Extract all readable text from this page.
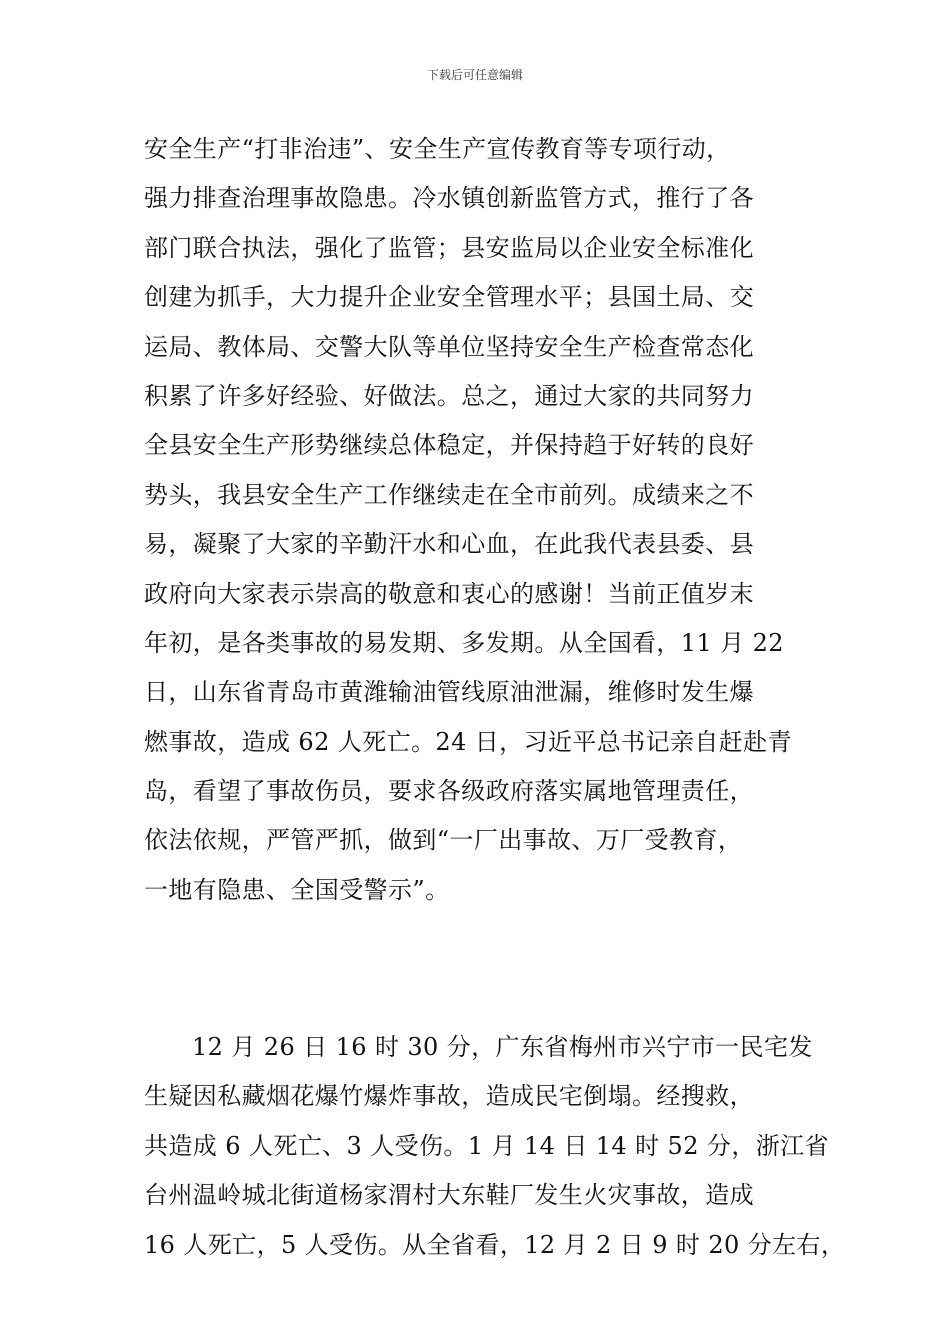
下载后可任意编辑
安全生产“打非治违”、安全生产宣传教育等专项行动，
强力排查治理事故隐患。冷水镇创新监管方式，推行了各
部门联合执法，强化了监管；县安监局以企业安全标准化
创建为抓手，大力提升企业安全管理水平；县国土局、交
运局、教体局、交警大队等单位坚持安全生产检查常态化
积累了许多好经验、好做法。总之，通过大家的共同努力
全县安全生产形势继续总体稳定，并保持趋于好转的良好
势头，我县安全生产工作继续走在全市前列。成绩来之不
易，凝聚了大家的辛勤汗水和心血，在此我代表县委、县
政府向大家表示崇高的敬意和衷心的感谢！当前正值岁末
年初，是各类事故的易发期、多发期。从全国看，11 月 22
日，山东省青岛市黄潍输油管线原油泄漏，维修时发生爆
燃事故，造成 62 人死亡。24 日，习近平总书记亲自赶赴青
岛，看望了事故伤员，要求各级政府落实属地管理责任，
依法依规，严管严抓，做到“一厂出事故、万厂受教育，
一地有隐患、全国受警示”。
12 月 26 日 16 时 30 分，广东省梅州市兴宁市一民宅发
生疑因私藏烟花爆竹爆炸事故，造成民宅倒塌。经搜救，
共造成 6 人死亡、3 人受伤。1 月 14 日 14 时 52 分，浙江省
台州温岭城北街道杨家渭村大东鞋厂发生火灾事故，造成
16 人死亡，5 人受伤。从全省看，12 月 2 日 9 时 20 分左右，
